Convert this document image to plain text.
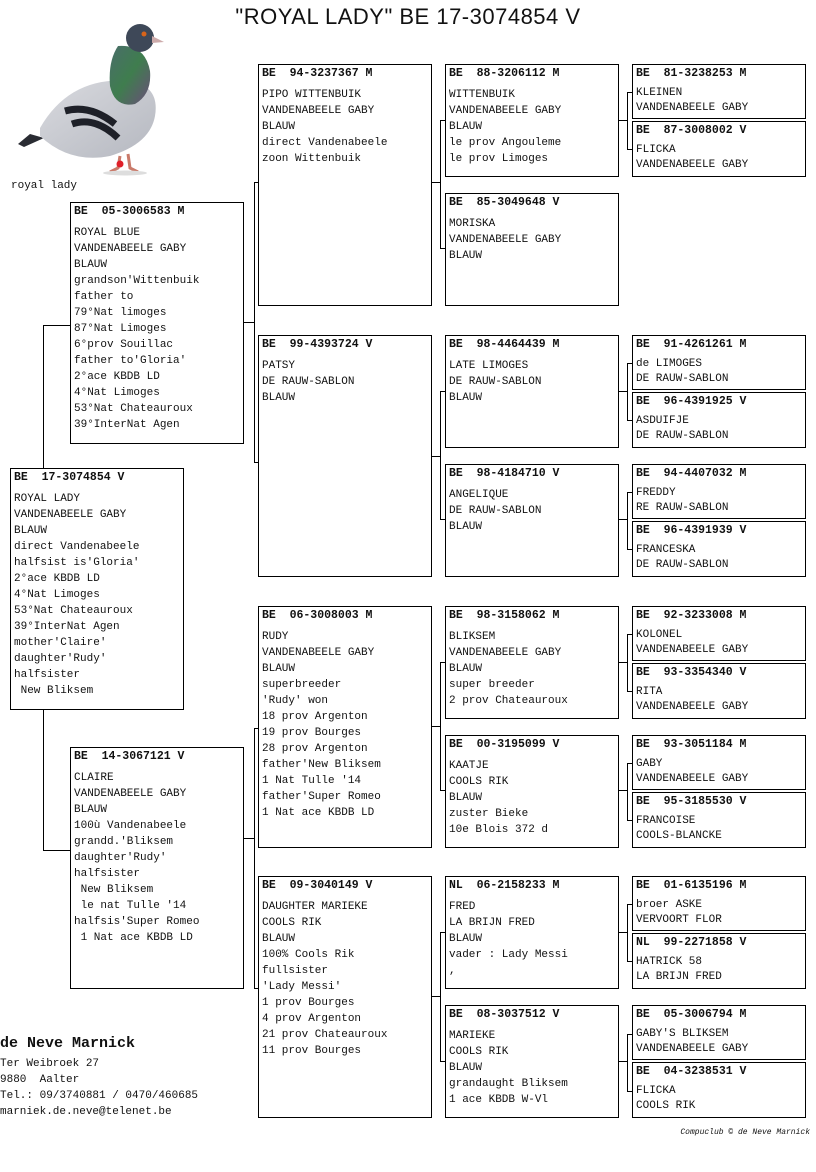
"ROYAL LADY" BE 17-3074854 V
royal lady
BE  17-3074854 V
ROYAL LADY
VANDENABEELE GABY
BLAUW
direct Vandenabeele
halfsist is'Gloria'
2°ace KBDB LD
4°Nat Limoges
53°Nat Chateauroux
39°InterNat Agen
mother'Claire'
daughter'Rudy'
halfsister
New Bliksem
BE  05-3006583 M
ROYAL BLUE
VANDENABEELE GABY
BLAUW
grandson'Wittenbuik
father to
79°Nat limoges
87°Nat Limoges
6°prov Souillac
father to'Gloria'
2°ace KBDB LD
4°Nat Limoges
53°Nat Chateauroux
39°InterNat Agen
BE  14-3067121 V
CLAIRE
VANDENABEELE GABY
BLAUW
100ù Vandenabeele
grandd.'Bliksem
daughter'Rudy'
halfsister
New Bliksem
le nat Tulle '14
halfsis'Super Romeo
1 Nat ace KBDB LD
BE  94-3237367 M
PIPO WITTENBUIK
VANDENABEELE GABY
BLAUW
direct Vandenabeele
zoon Wittenbuik
BE  99-4393724 V
PATSY
DE RAUW-SABLON
BLAUW
BE  06-3008003 M
RUDY
VANDENABEELE GABY
BLAUW
superbreeder
'Rudy' won
18 prov Argenton
19 prov Bourges
28 prov Argenton
father'New Bliksem
1 Nat Tulle '14
father'Super Romeo
1 Nat ace KBDB LD
BE  09-3040149 V
DAUGHTER MARIEKE
COOLS RIK
BLAUW
100% Cools Rik
fullsister
'Lady Messi'
1 prov Bourges
4 prov Argenton
21 prov Chateauroux
11 prov Bourges
BE  88-3206112 M
WITTENBUIK
VANDENABEELE GABY
BLAUW
le prov Angouleme
le prov Limoges
BE  85-3049648 V
MORISKA
VANDENABEELE GABY
BLAUW
BE  98-4464439 M
LATE LIMOGES
DE RAUW-SABLON
BLAUW
BE  98-4184710 V
ANGELIQUE
DE RAUW-SABLON
BLAUW
BE  98-3158062 M
BLIKSEM
VANDENABEELE GABY
BLAUW
super breeder
2 prov Chateauroux
BE  00-3195099 V
KAATJE
COOLS RIK
BLAUW
zuster Bieke
10e Blois 372 d
NL  06-2158233 M
FRED
LA BRIJN FRED
BLAUW
vader : Lady Messi
,
BE  08-3037512 V
MARIEKE
COOLS RIK
BLAUW
grandaught Bliksem
1 ace KBDB W-Vl
BE  81-3238253 M
KLEINEN
VANDENABEELE GABY
BE  87-3008002 V
FLICKA
VANDENABEELE GABY
BE  91-4261261 M
de LIMOGES
DE RAUW-SABLON
BE  96-4391925 V
ASDUIFJE
DE RAUW-SABLON
BE  94-4407032 M
FREDDY
RE RAUW-SABLON
BE  96-4391939 V
FRANCESKA
DE RAUW-SABLON
BE  92-3233008 M
KOLONEL
VANDENABEELE GABY
BE  93-3354340 V
RITA
VANDENABEELE GABY
BE  93-3051184 M
GABY
VANDENABEELE GABY
BE  95-3185530 V
FRANCOISE
COOLS-BLANCKE
BE  01-6135196 M
broer ASKE
VERVOORT FLOR
NL  99-2271858 V
HATRICK 58
LA BRIJN FRED
BE  05-3006794 M
GABY'S BLIKSEM
VANDENABEELE GABY
BE  04-3238531 V
FLICKA
COOLS RIK
de Neve Marnick
Ter Weibroek 27
9880  Aalter
Tel.: 09/3740881 / 0470/460685
marniek.de.neve@telenet.be
Compuclub © de Neve Marnick
